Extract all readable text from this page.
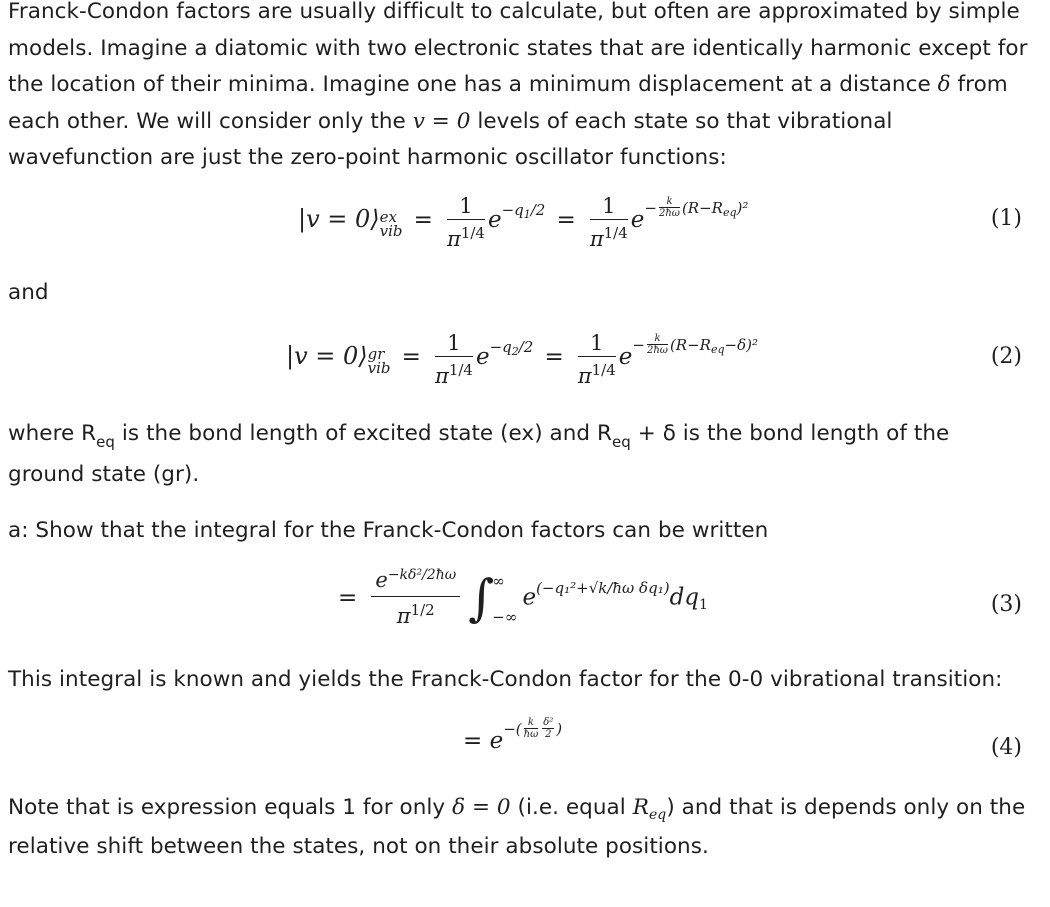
Franck-Condon factors are usually difficult to calculate, but often are approximated by simple models. Imagine a diatomic with two electronic states that are identically harmonic except for the location of their minima. Imagine one has a minimum displacement at a distance δ from each other. We will consider only the v = 0 levels of each state so that vibrational wavefunction are just the zero-point harmonic oscillator functions:
|v = 0⟩ ex
vib = $\frac{1}{\pi^{1/4}} e-q_1/2 = \frac{1}{\pi^{1/4}} e- \frac{k}{2ħ\omega} (R-R_{eq})^2$	(1)
and
|v = 0⟩ gr
vib = $\frac{1}{\pi^{1/4}} e-q_2/2 = \frac{1}{\pi^{1/4}} e- \frac{k}{2ħ\omega} (R-R_{eq}-\delta)^2$	(2)
where $R_{eq}$ is the bond length of excited state (ex) and $R_{eq} + \delta$ is the bond length of the ground state (gr).
a: Show that the integral for the Franck-Condon factors can be written
= $\frac{e^{-k\delta^2/2ħ\omega}}{\pi^{1/2}}$ ∫
∞
−∞
e(−q₁²+√k/ħω δq₁)dq1	(3)
This integral is known and yields the Franck-Condon factor for the 0-0 vibrational transition:
= $e-( \frac{k}{ħ\omega} \frac{\text{δ²}}{2}$ )
(4)
Note that is expression equals 1 for only δ = 0 (i.e. equal $R_{eq}$) and that is depends only on the relative shift between the states, not on their absolute positions.
